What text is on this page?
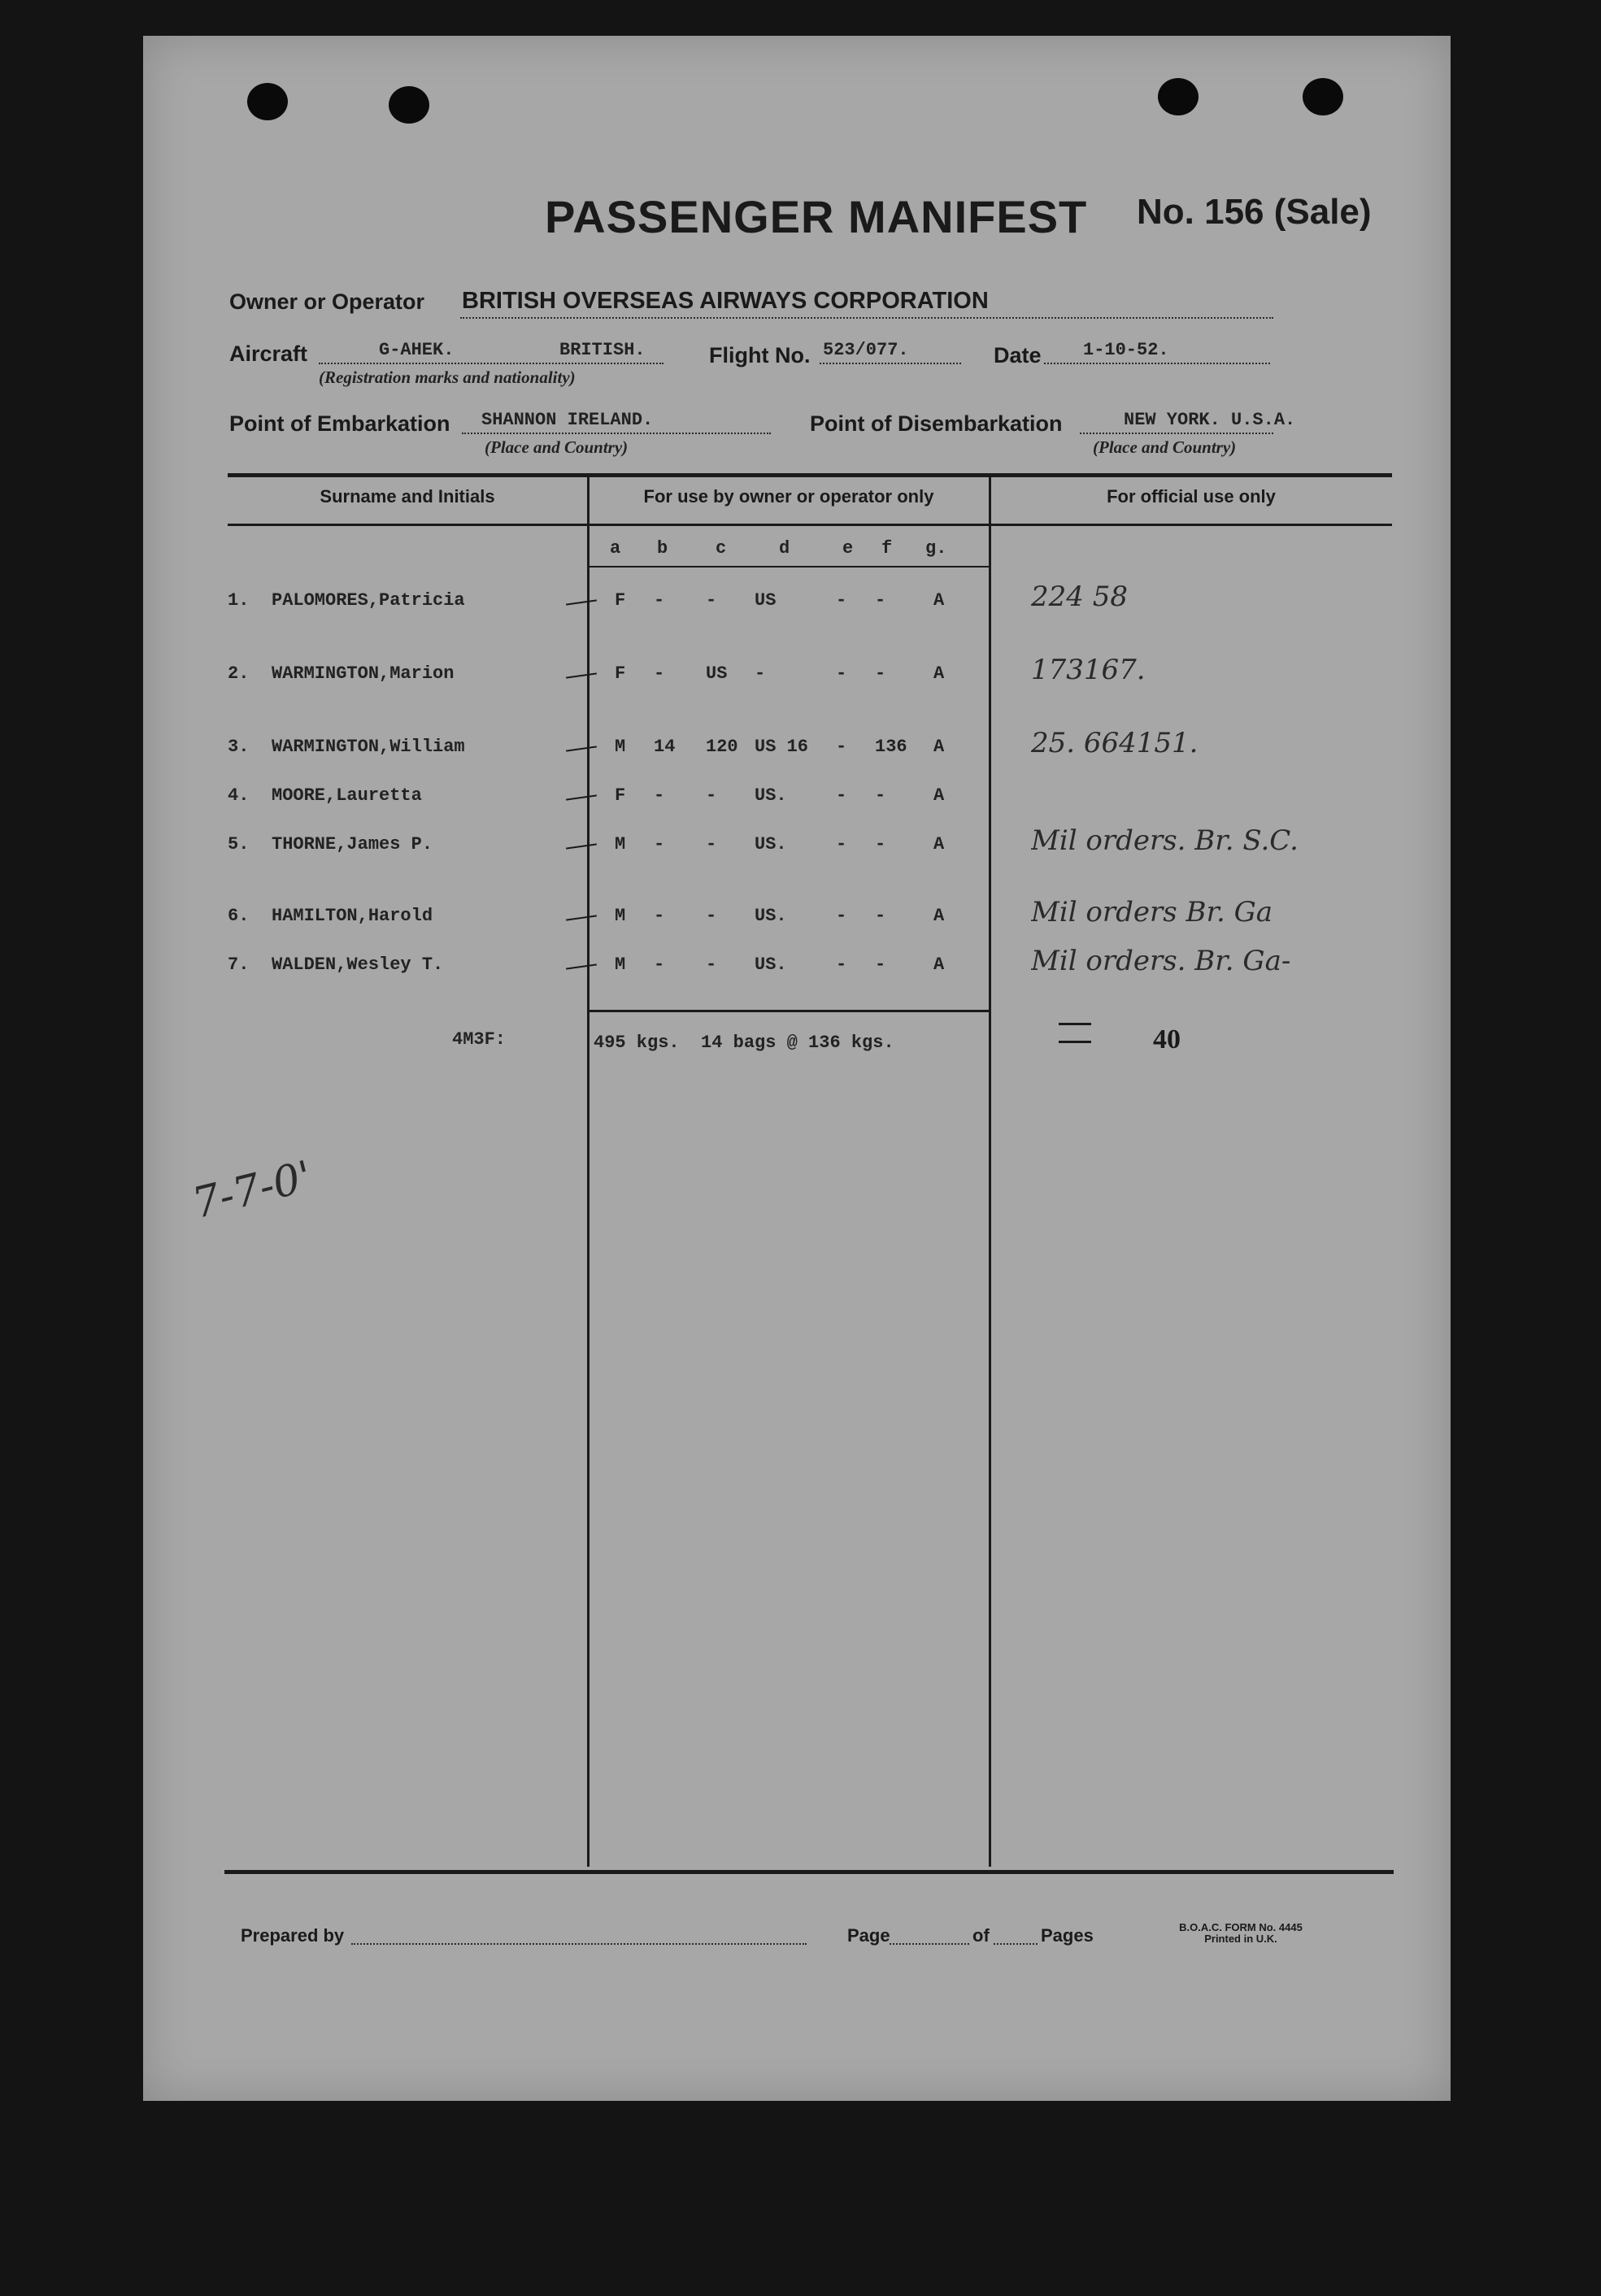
PASSENGER MANIFEST No. 156 (Sale)
Owner or Operator BRITISH OVERSEAS AIRWAYS CORPORATION
Aircraft	G-AHEK.	BRITISH.
(Registration marks and nationality)
Flight No. 523/077.	Date 1-10-52.
Point of Embarkation SHANNON IRELAND.
(Place and Country)
Point of Disembarkation	NEW YORK. U.S.A.
(Place and Country)
Surname and Initials	For use by owner or operator only	For official use only
a b	c	d	e f g.
1. PALOMORES,Patricia	F - - US	- -	A	224 58
2. WARMINGTON,Marion	F - US -	- -	A	173167.
3. WARMINGTON,William	M 14 120 US 16 - 136 A	25. 664151.
4. MOORE,Lauretta	F - - US.	- -	A
5. THORNE,James P.	M - - US.	- -	A	Mil orders. Br. S.C.
6. HAMILTON,Harold	M - - US.	- -	A	Mil orders Br. Ga
7. WALDEN,Wesley T.	M - - US.	- -	A	Mil orders. Br. Ga-
4M3F:	495 kgs.  14 bags @ 136 kgs.	40
7-7-0'
Prepared by	Page	of	Pages	B.O.A.C. FORM No. 4445
Printed in U.K.
